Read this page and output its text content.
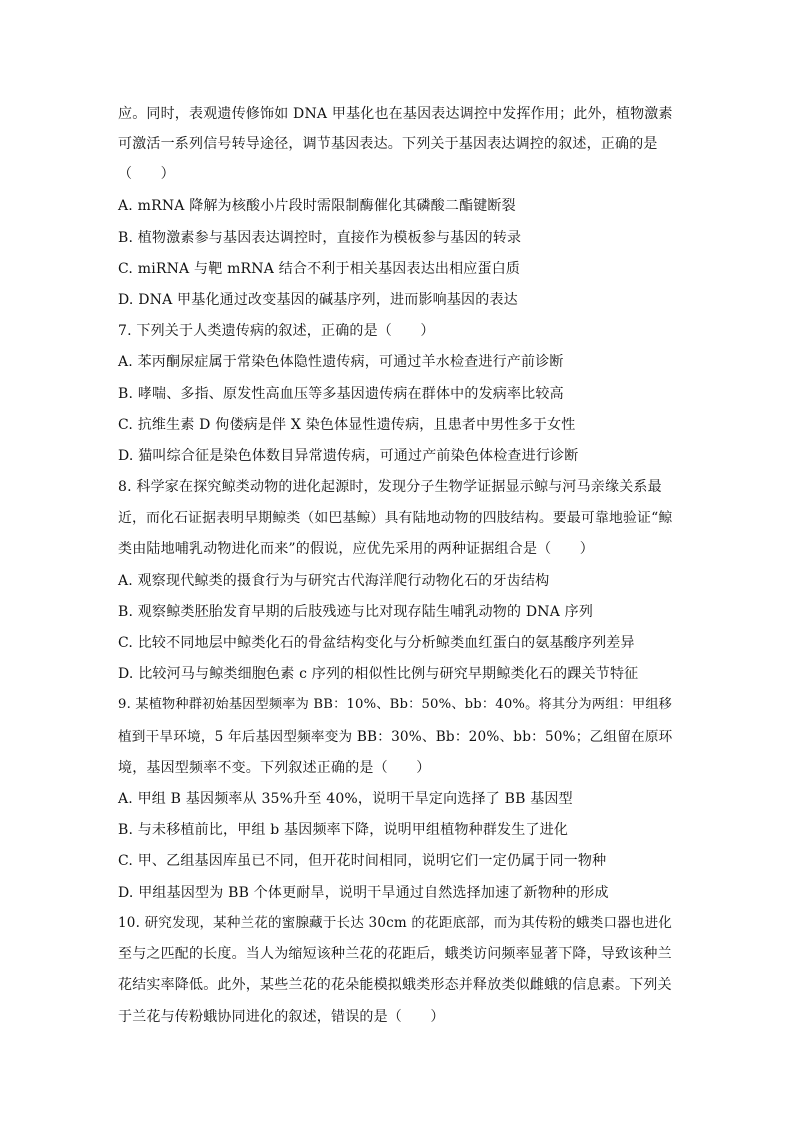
应。同时，表观遗传修饰如 DNA 甲基化也在基因表达调控中发挥作用；此外，植物激素
可激活一系列信号转导途径，调节基因表达。下列关于基因表达调控的叙述，正确的是
（　　）
A. mRNA 降解为核酸小片段时需限制酶催化其磷酸二酯键断裂
B. 植物激素参与基因表达调控时，直接作为模板参与基因的转录
C. miRNA 与靶 mRNA 结合不利于相关基因表达出相应蛋白质
D. DNA 甲基化通过改变基因的碱基序列，进而影响基因的表达
7. 下列关于人类遗传病的叙述，正确的是（　　）
A. 苯丙酮尿症属于常染色体隐性遗传病，可通过羊水检查进行产前诊断
B. 哮喘、多指、原发性高血压等多基因遗传病在群体中的发病率比较高
C. 抗维生素 D 佝偻病是伴 X 染色体显性遗传病，且患者中男性多于女性
D. 猫叫综合征是染色体数目异常遗传病，可通过产前染色体检查进行诊断
8. 科学家在探究鲸类动物的进化起源时，发现分子生物学证据显示鲸与河马亲缘关系最
近，而化石证据表明早期鲸类（如巴基鲸）具有陆地动物的四肢结构。要最可靠地验证“鲸
类由陆地哺乳动物进化而来”的假说，应优先采用的两种证据组合是（　　）
A. 观察现代鲸类的摄食行为与研究古代海洋爬行动物化石的牙齿结构
B. 观察鲸类胚胎发育早期的后肢残迹与比对现存陆生哺乳动物的 DNA 序列
C. 比较不同地层中鲸类化石的骨盆结构变化与分析鲸类血红蛋白的氨基酸序列差异
D. 比较河马与鲸类细胞色素 c 序列的相似性比例与研究早期鲸类化石的踝关节特征
9. 某植物种群初始基因型频率为 BB：10%、Bb：50%、bb：40%。将其分为两组：甲组移
植到干旱环境，5 年后基因型频率变为 BB：30%、Bb：20%、bb：50%；乙组留在原环
境，基因型频率不变。下列叙述正确的是（　　）
A. 甲组 B 基因频率从 35%升至 40%，说明干旱定向选择了 BB 基因型
B. 与未移植前比，甲组 b 基因频率下降，说明甲组植物种群发生了进化
C. 甲、乙组基因库虽已不同，但开花时间相同，说明它们一定仍属于同一物种
D. 甲组基因型为 BB 个体更耐旱，说明干旱通过自然选择加速了新物种的形成
10. 研究发现，某种兰花的蜜腺藏于长达 30cm 的花距底部，而为其传粉的蛾类口器也进化
至与之匹配的长度。当人为缩短该种兰花的花距后，蛾类访问频率显著下降，导致该种兰
花结实率降低。此外，某些兰花的花朵能模拟蛾类形态并释放类似雌蛾的信息素。下列关
于兰花与传粉蛾协同进化的叙述，错误的是（　　）
